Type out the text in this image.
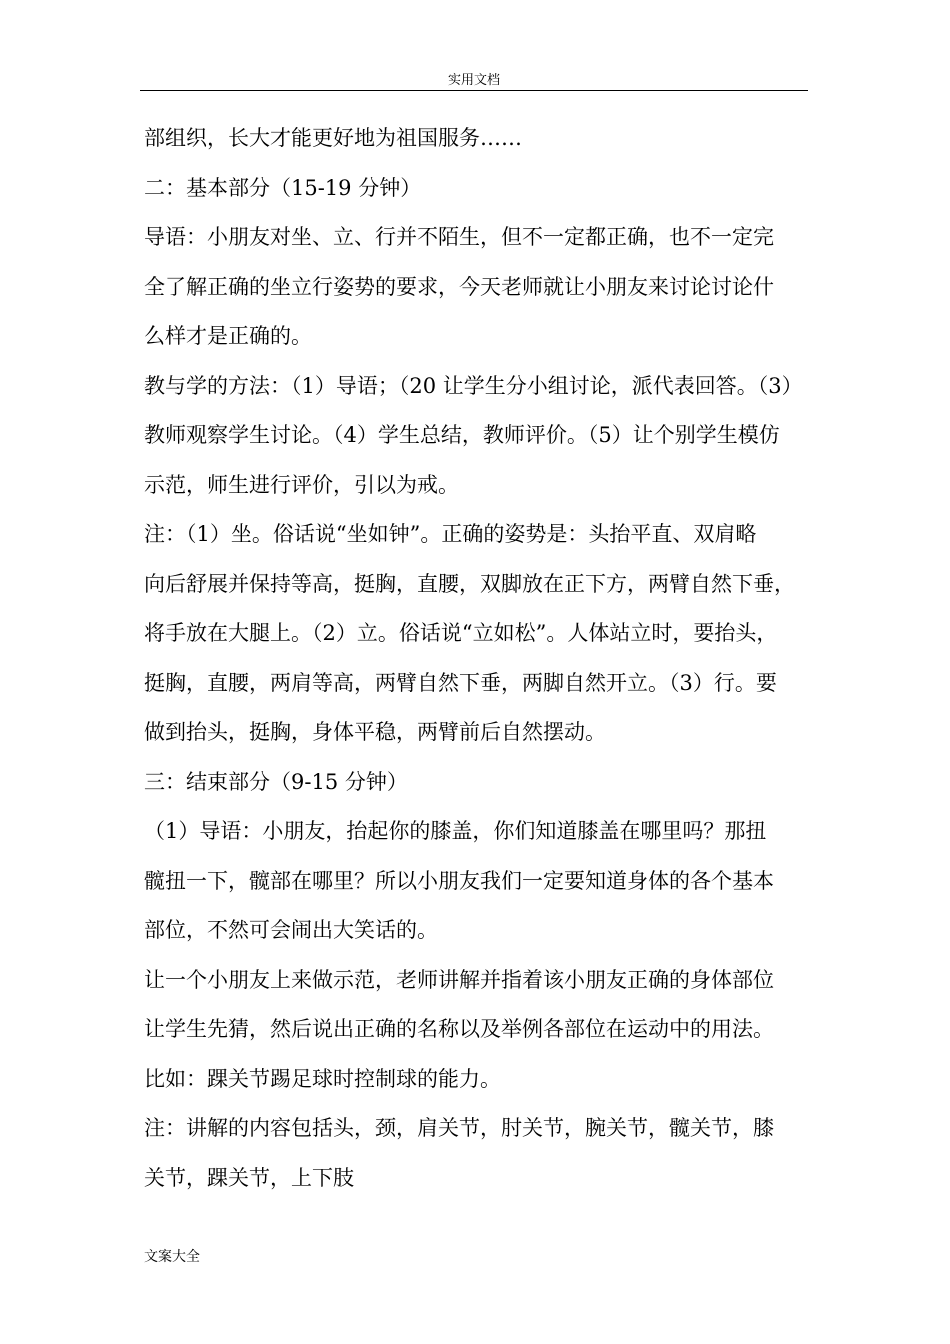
实用文档
部组织，长大才能更好地为祖国服务……
二：基本部分（15-19 分钟）
导语：小朋友对坐、立、行并不陌生，但不一定都正确，也不一定完
全了解正确的坐立行姿势的要求，今天老师就让小朋友来讨论讨论什
么样才是正确的。
教与学的方法：（1）导语；（20 让学生分小组讨论，派代表回答。（3）
教师观察学生讨论。（4）学生总结，教师评价。（5）让个别学生模仿
示范，师生进行评价，引以为戒。
注：（1）坐。俗话说“坐如钟”。正确的姿势是：头抬平直、双肩略
向后舒展并保持等高，挺胸，直腰，双脚放在正下方，两臂自然下垂，
将手放在大腿上。（2）立。俗话说“立如松”。人体站立时，要抬头，
挺胸，直腰，两肩等高，两臂自然下垂，两脚自然开立。（3）行。要
做到抬头，挺胸，身体平稳，两臂前后自然摆动。
三：结束部分（9-15 分钟）
（1）导语：小朋友，抬起你的膝盖，你们知道膝盖在哪里吗？那扭
髋扭一下，髋部在哪里？所以小朋友我们一定要知道身体的各个基本
部位，不然可会闹出大笑话的。
让一个小朋友上来做示范，老师讲解并指着该小朋友正确的身体部位
让学生先猜，然后说出正确的名称以及举例各部位在运动中的用法。
比如：踝关节踢足球时控制球的能力。
注：讲解的内容包括头，颈，肩关节，肘关节，腕关节，髋关节，膝
关节，踝关节，上下肢
文案大全
